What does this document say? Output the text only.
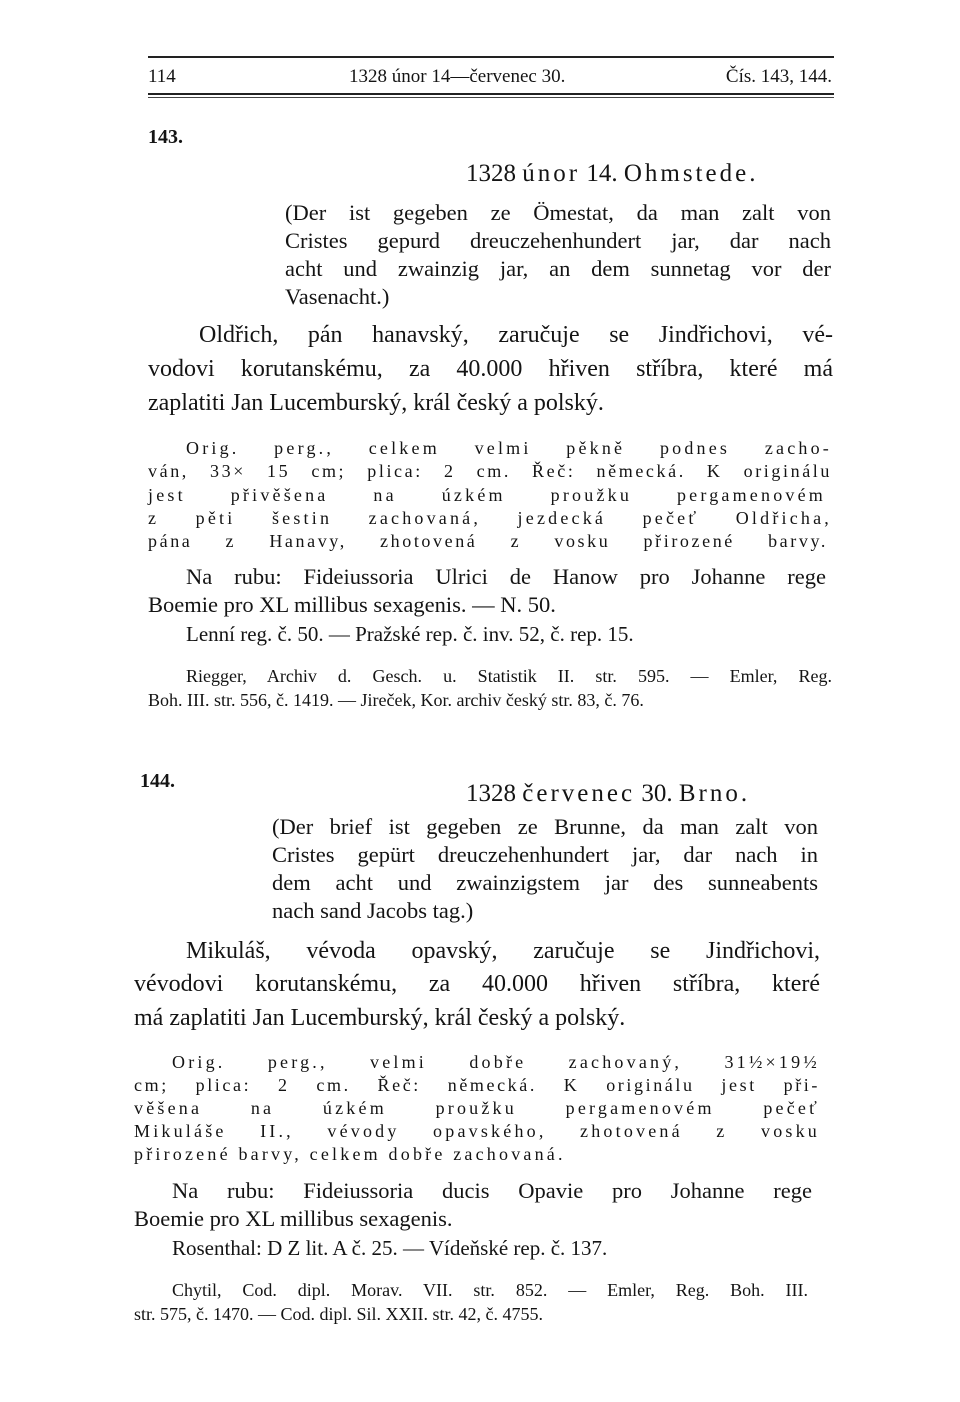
114	1328 únor 14—červenec 30.	Čís. 143, 144.
143.
1328 únor 14. Ohmstede.
(Der ist gegeben ze Ömestat, da man zalt von
Cristes gepurd dreuczehenhundert jar, dar nach
acht und zwainzig jar, an dem sunnetag vor der
Vasenacht.)
Oldřich, pán hanavský, zaručuje se Jindřichovi, vé-
vodovi korutanskému, za 40.000 hřiven stříbra, které má
zaplatiti Jan Lucemburský, král český a polský.
Orig. perg., celkem velmi pěkně podnes zacho-
ván, 33× 15 cm; plica: 2 cm. Řeč: německá. K originálu
jest přivěšena na úzkém proužku pergamenovém
z pěti šestin zachovaná, jezdecká pečeť Oldřicha,
pána z Hanavy, zhotovená z vosku přirozené barvy.
Na rubu: Fideiussoria Ulrici de Hanow pro Johanne rege
Boemie pro XL millibus sexagenis. — N. 50.
Lenní reg. č. 50. — Pražské rep. č. inv. 52, č. rep. 15.
Riegger, Archiv d. Gesch. u. Statistik II. str. 595. — Emler, Reg.
Boh. III. str. 556, č. 1419. — Jireček, Kor. archiv český str. 83, č. 76.
144.	1328 červenec 30. Brno.
(Der brief ist gegeben ze Brunne, da man zalt von
Cristes gepürt dreuczehenhundert jar, dar nach in
dem acht und zwainzigstem jar des sunneabents
nach sand Jacobs tag.)
Mikuláš, vévoda opavský, zaručuje se Jindřichovi,
vévodovi korutanskému, za 40.000 hřiven stříbra, které
má zaplatiti Jan Lucemburský, král český a polský.
Orig. perg., velmi dobře zachovaný, 31½×19½
cm; plica: 2 cm. Řeč: německá. K originálu jest při-
věšena na úzkém proužku pergamenovém pečeť
Mikuláše II., vévody opavského, zhotovená z vosku
přirozené barvy, celkem dobře zachovaná.
Na rubu: Fideiussoria ducis Opavie pro Johanne rege
Boemie pro XL millibus sexagenis.
Rosenthal: D Z lit. A č. 25. — Vídeňské rep. č. 137.
Chytil, Cod. dipl. Morav. VII. str. 852. — Emler, Reg. Boh. III.
str. 575, č. 1470. — Cod. dipl. Sil. XXII. str. 42, č. 4755.
